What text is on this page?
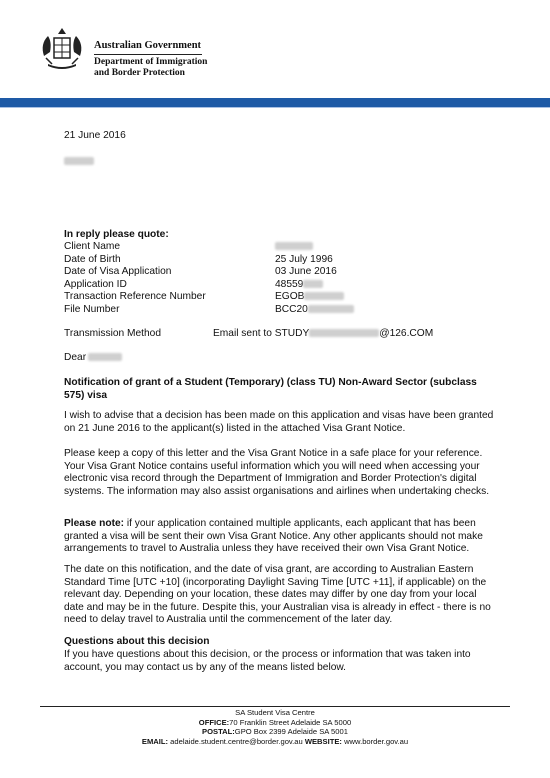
Australian Government
Department of Immigration
and Border Protection
21 June 2016
In reply please quote:
Client Name
Date of Birth	25 July 1996
Date of Visa Application	03 June 2016
Application ID	48559
Transaction Reference Number	EGOB
File Number	BCC20
Transmission Method	Email sent to STUDY	@126.COM
Dear
Notification of grant of a Student (Temporary) (class TU) Non-Award Sector (subclass 575) visa
I wish to advise that a decision has been made on this application and visas have been granted on 21 June 2016 to the applicant(s) listed in the attached Visa Grant Notice.
Please keep a copy of this letter and the Visa Grant Notice in a safe place for your reference. Your Visa Grant Notice contains useful information which you will need when accessing your electronic visa record through the Department of Immigration and Border Protection's digital systems. The information may also assist organisations and airlines when undertaking checks.
Please note: if your application contained multiple applicants, each applicant that has been granted a visa will be sent their own Visa Grant Notice. Any other applicants should not make arrangements to travel to Australia unless they have received their own Visa Grant Notice.
The date on this notification, and the date of visa grant, are according to Australian Eastern Standard Time [UTC +10] (incorporating Daylight Saving Time [UTC +11], if applicable) on the relevant day. Depending on your location, these dates may differ by one day from your local date and may be in the future. Despite this, your Australian visa is already in effect - there is no need to delay travel to Australia until the commencement of the later day.
Questions about this decision
If you have questions about this decision, or the process or information that was taken into account, you may contact us by any of the means listed below.
SA Student Visa Centre
OFFICE:70 Franklin Street Adelaide SA 5000
POSTAL:GPO Box 2399 Adelaide SA 5001
EMAIL: adelaide.student.centre@border.gov.au WEBSITE: www.border.gov.au
